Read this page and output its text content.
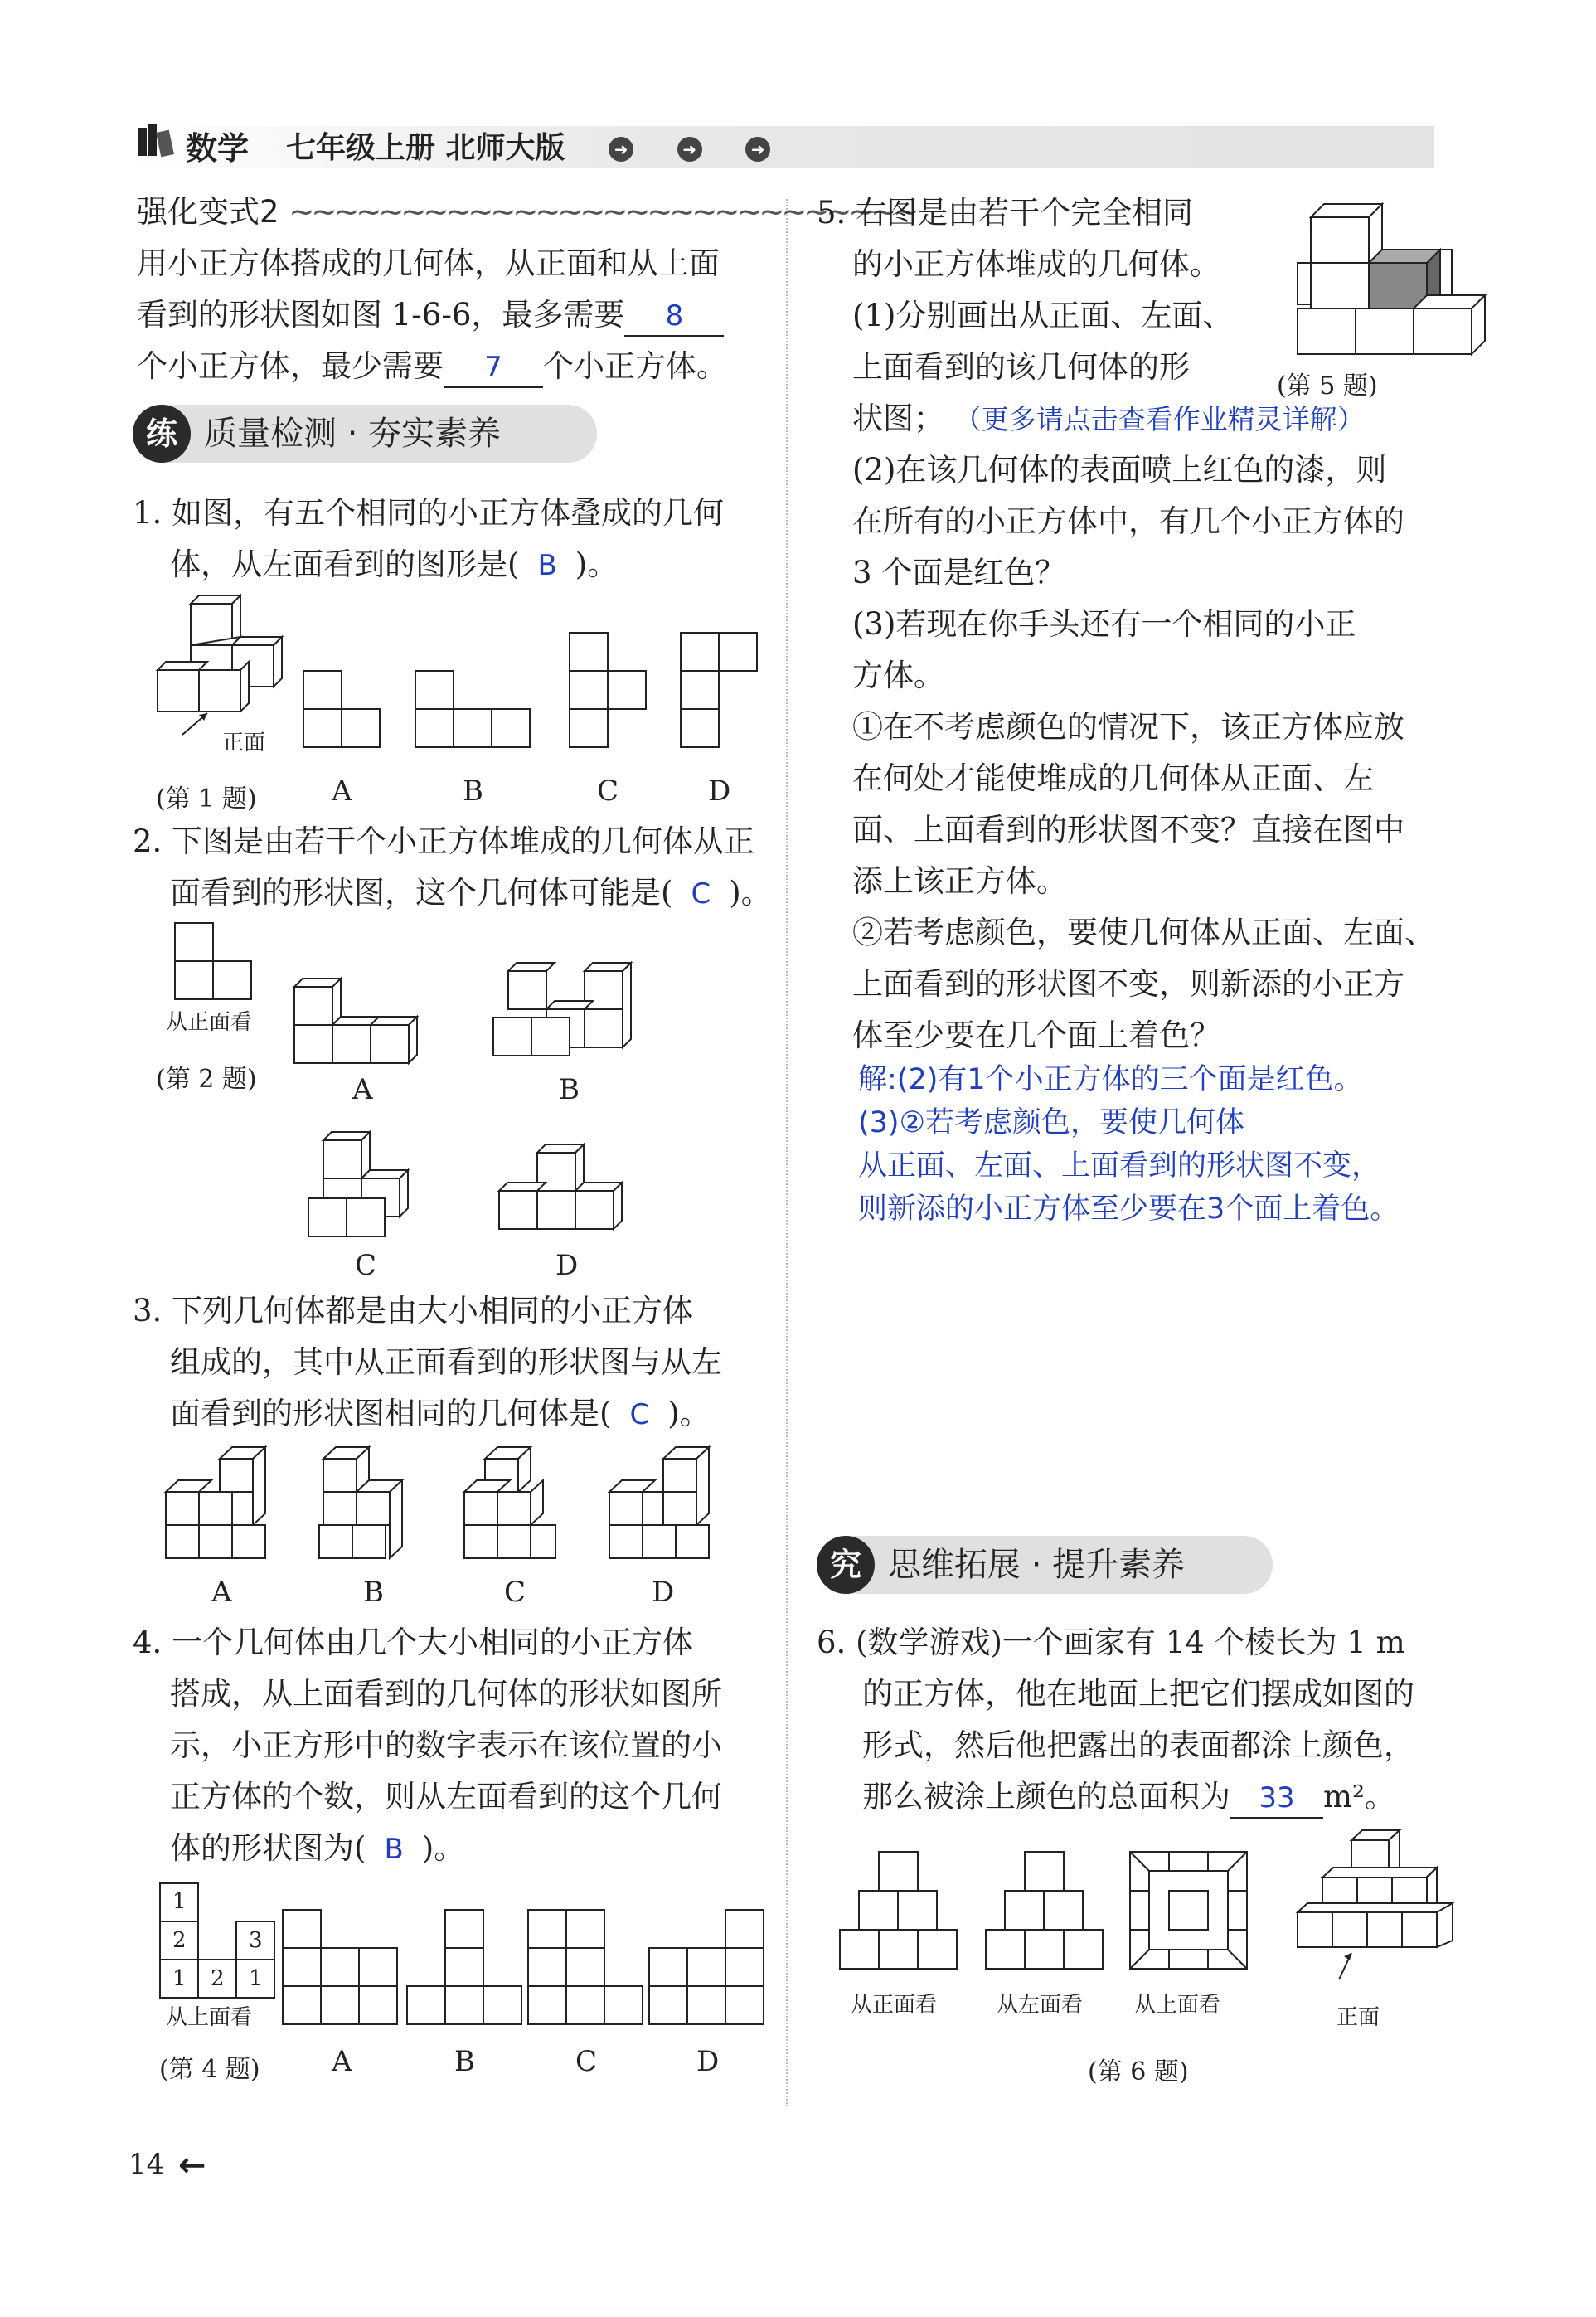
数学 七年级上册 北师大版	➜	➜	➜
强化变式2 ~~~~~~~~~~~~~~~~~~~~~~~~~~~~
用小正方体搭成的几何体，从正面和从上面
看到的形状图如图 1-6-6，最多需要 8
个小正方体，最少需要 7 个小正方体。
练 质量检测 · 夯实素养
1. 如图，有五个相同的小正方体叠成的几何
体，从左面看到的图形是( B )。
正面
(第 1 题)	A	B	C	D
2. 下图是由若干个小正方体堆成的几何体从正
面看到的形状图，这个几何体可能是( C )。
从正面看
(第 2 题)	A	B
C	D
3. 下列几何体都是由大小相同的小正方体
组成的，其中从正面看到的形状图与从左
面看到的形状图相同的几何体是( C )。
A	B	C	D
4. 一个几何体由几个大小相同的小正方体
搭成，从上面看到的几何体的形状如图所
示，小正方形中的数字表示在该位置的小
正方体的个数，则从左面看到的这个几何
体的形状图为( B )。
1
2	3
1 2 1
从上面看
(第 4 题)	A	B	C	D
5. 右图是由若干个完全相同
的小正方体堆成的几何体。
(1)分别画出从正面、左面、
上面看到的该几何体的形
状图； （更多请点击查看作业精灵详解）
(第 5 题)
(2)在该几何体的表面喷上红色的漆，则
在所有的小正方体中，有几个小正方体的
3 个面是红色？
(3)若现在你手头还有一个相同的小正
方体。
①在不考虑颜色的情况下，该正方体应放
在何处才能使堆成的几何体从正面、左
面、上面看到的形状图不变？直接在图中
添上该正方体。
②若考虑颜色，要使几何体从正面、左面、
上面看到的形状图不变，则新添的小正方
体至少要在几个面上着色？
解:(2)有1个小正方体的三个面是红色。
(3)②若考虑颜色，要使几何体
从正面、左面、上面看到的形状图不变，
则新添的小正方体至少要在3个面上着色。
究 思维拓展 · 提升素养
6. (数学游戏)一个画家有 14 个棱长为 1 m
的正方体，他在地面上把它们摆成如图的
形式，然后他把露出的表面都涂上颜色，
那么被涂上颜色的总面积为 33 m²。
从正面看	从左面看 从上面看	正面
(第 6 题)
14 ←
